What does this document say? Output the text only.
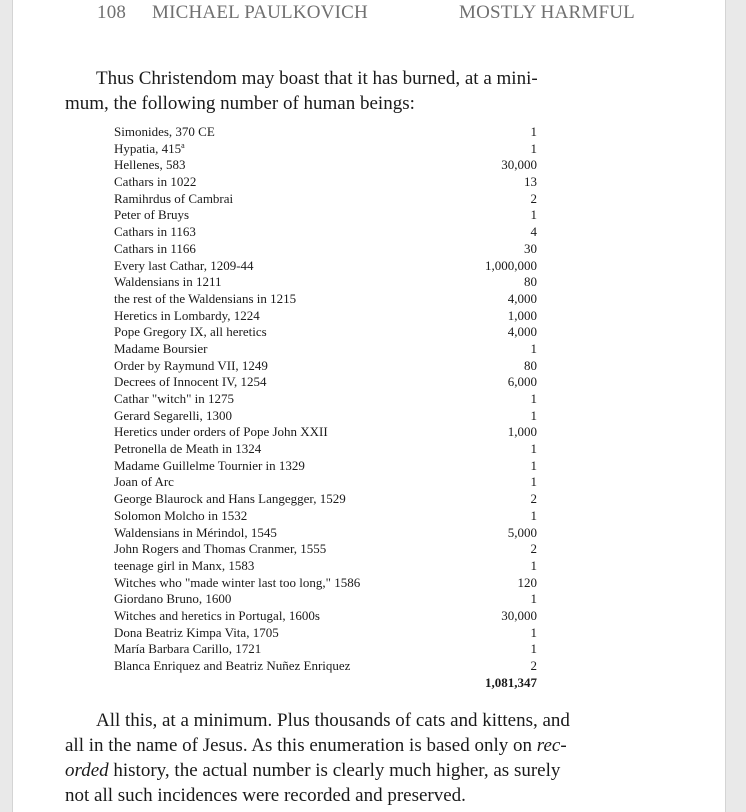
108 MICHAEL PAULKOVICH	MOSTLY HARMFUL
Thus Christendom may boast that it has burned, at a mini-
mum, the following number of human beings:
Simonides, 370 CE	1
Hypatia, 415$^a$	1
Hellenes, 583	30,000
Cathars in 1022	13
Ramihrdus of Cambrai	2
Peter of Bruys	1
Cathars in 1163	4
Cathars in 1166	30
Every last Cathar, 1209-44	1,000,000
Waldensians in 1211	80
the rest of the Waldensians in 1215	4,000
Heretics in Lombardy, 1224	1,000
Pope Gregory IX, all heretics	4,000
Madame Boursier	1
Order by Raymund VII, 1249	80
Decrees of Innocent IV, 1254	6,000
Cathar "witch" in 1275	1
Gerard Segarelli, 1300	1
Heretics under orders of Pope John XXII	1,000
Petronella de Meath in 1324	1
Madame Guillelme Tournier in 1329	1
Joan of Arc	1
George Blaurock and Hans Langegger, 1529	2
Solomon Molcho in 1532	1
Waldensians in Mérindol, 1545	5,000
John Rogers and Thomas Cranmer, 1555	2
teenage girl in Manx, 1583	1
Witches who "made winter last too long," 1586	120
Giordano Bruno, 1600	1
Witches and heretics in Portugal, 1600s	30,000
Dona Beatriz Kimpa Vita, 1705	1
María Barbara Carillo, 1721	1
Blanca Enriquez and Beatriz Nuñez Enriquez	2
1,081,347
All this, at a minimum. Plus thousands of cats and kittens, and
all in the name of Jesus. As this enumeration is based only on rec-
orded history, the actual number is clearly much higher, as surely
not all such incidences were recorded and preserved.
